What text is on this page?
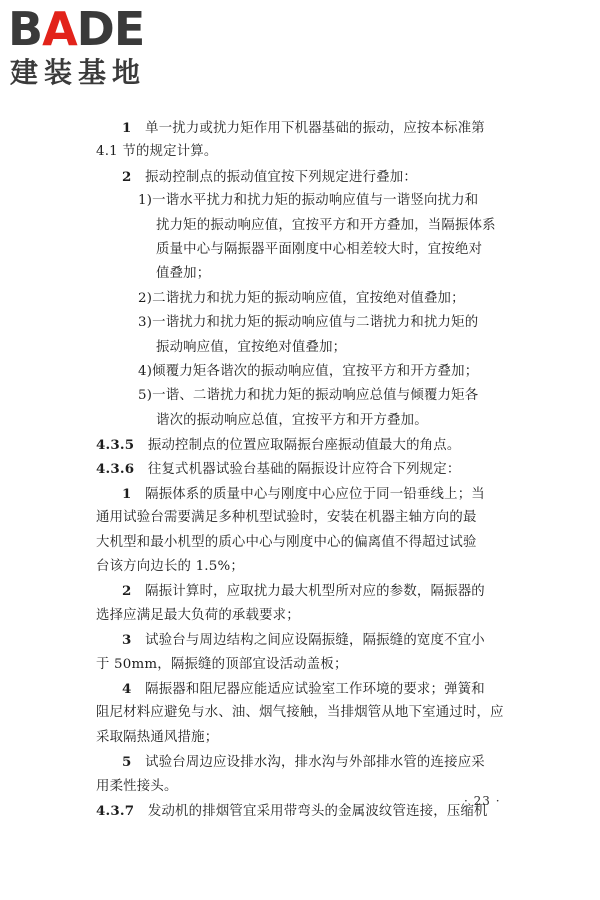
BADE
建装基地
1　单一扰力或扰力矩作用下机器基础的振动，应按本标准第
4.1 节的规定计算。
2　振动控制点的振动值宜按下列规定进行叠加：
1)一谐水平扰力和扰力矩的振动响应值与一谐竖向扰力和
扰力矩的振动响应值，宜按平方和开方叠加，当隔振体系
质量中心与隔振器平面刚度中心相差较大时，宜按绝对
值叠加；
2)二谐扰力和扰力矩的振动响应值，宜按绝对值叠加；
3)一谐扰力和扰力矩的振动响应值与二谐扰力和扰力矩的
振动响应值，宜按绝对值叠加；
4)倾覆力矩各谐次的振动响应值，宜按平方和开方叠加；
5)一谐、二谐扰力和扰力矩的振动响应总值与倾覆力矩各
谐次的振动响应总值，宜按平方和开方叠加。
4.3.5　振动控制点的位置应取隔振台座振动值最大的角点。
4.3.6　往复式机器试验台基础的隔振设计应符合下列规定：
1　隔振体系的质量中心与刚度中心应位于同一铅垂线上；当
通用试验台需要满足多种机型试验时，安装在机器主轴方向的最
大机型和最小机型的质心中心与刚度中心的偏离值不得超过试验
台该方向边长的 1.5%；
2　隔振计算时，应取扰力最大机型所对应的参数，隔振器的
选择应满足最大负荷的承载要求；
3　试验台与周边结构之间应设隔振缝，隔振缝的宽度不宜小
于 50mm，隔振缝的顶部宜设活动盖板；
4　隔振器和阻尼器应能适应试验室工作环境的要求；弹簧和
阻尼材料应避免与水、油、烟气接触，当排烟管从地下室通过时，应
采取隔热通风措施；
5　试验台周边应设排水沟，排水沟与外部排水管的连接应采
用柔性接头。
4.3.7　发动机的排烟管宜采用带弯头的金属波纹管连接，压缩机
· 23 ·
